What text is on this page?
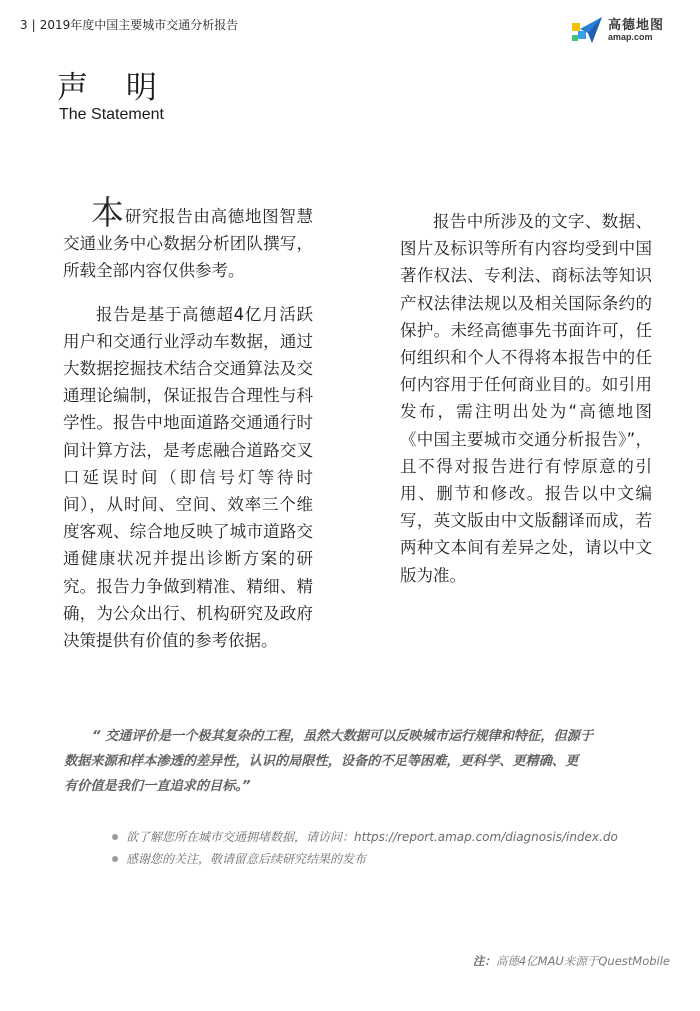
3 | 2019年度中国主要城市交通分析报告	高德地图
amap.com
声 明
The Statement

本研究报告由高德地图智慧交通业务中心数据分析团队撰写，所载全部内容仅供参考。

报告是基于高德超4亿月活跃用户和交通行业浮动车数据，通过大数据挖掘技术结合交通算法及交通理论编制，保证报告合理性与科学性。报告中地面道路交通通行时间计算方法，是考虑融合道路交叉口延误时间（即信号灯等待时间），从时间、空间、效率三个维度客观、综合地反映了城市道路交通健康状况并提出诊断方案的研究。报告力争做到精准、精细、精确，为公众出行、机构研究及政府决策提供有价值的参考依据。

报告中所涉及的文字、数据、图片及标识等所有内容均受到中国著作权法、专利法、商标法等知识产权法律法规以及相关国际条约的保护。未经高德事先书面许可，任何组织和个人不得将本报告中的任何内容用于任何商业目的。如引用发布，需注明出处为“高德地图《中国主要城市交通分析报告》”，且不得对报告进行有悖原意的引用、删节和修改。报告以中文编写，英文版由中文版翻译而成，若两种文本间有差异之处，请以中文版为准。

“ 交通评价是一个极其复杂的工程，虽然大数据可以反映城市运行规律和特征，但源于
数据来源和样本渗透的差异性，认识的局限性，设备的不足等困难，更科学、更精确、更
有价值是我们一直追求的目标。”
欲了解您所在城市交通拥堵数据，请访问：https://report.amap.com/diagnosis/index.do
感谢您的关注，敬请留意后续研究结果的发布
注：高德4亿MAU来源于QuestMobile
